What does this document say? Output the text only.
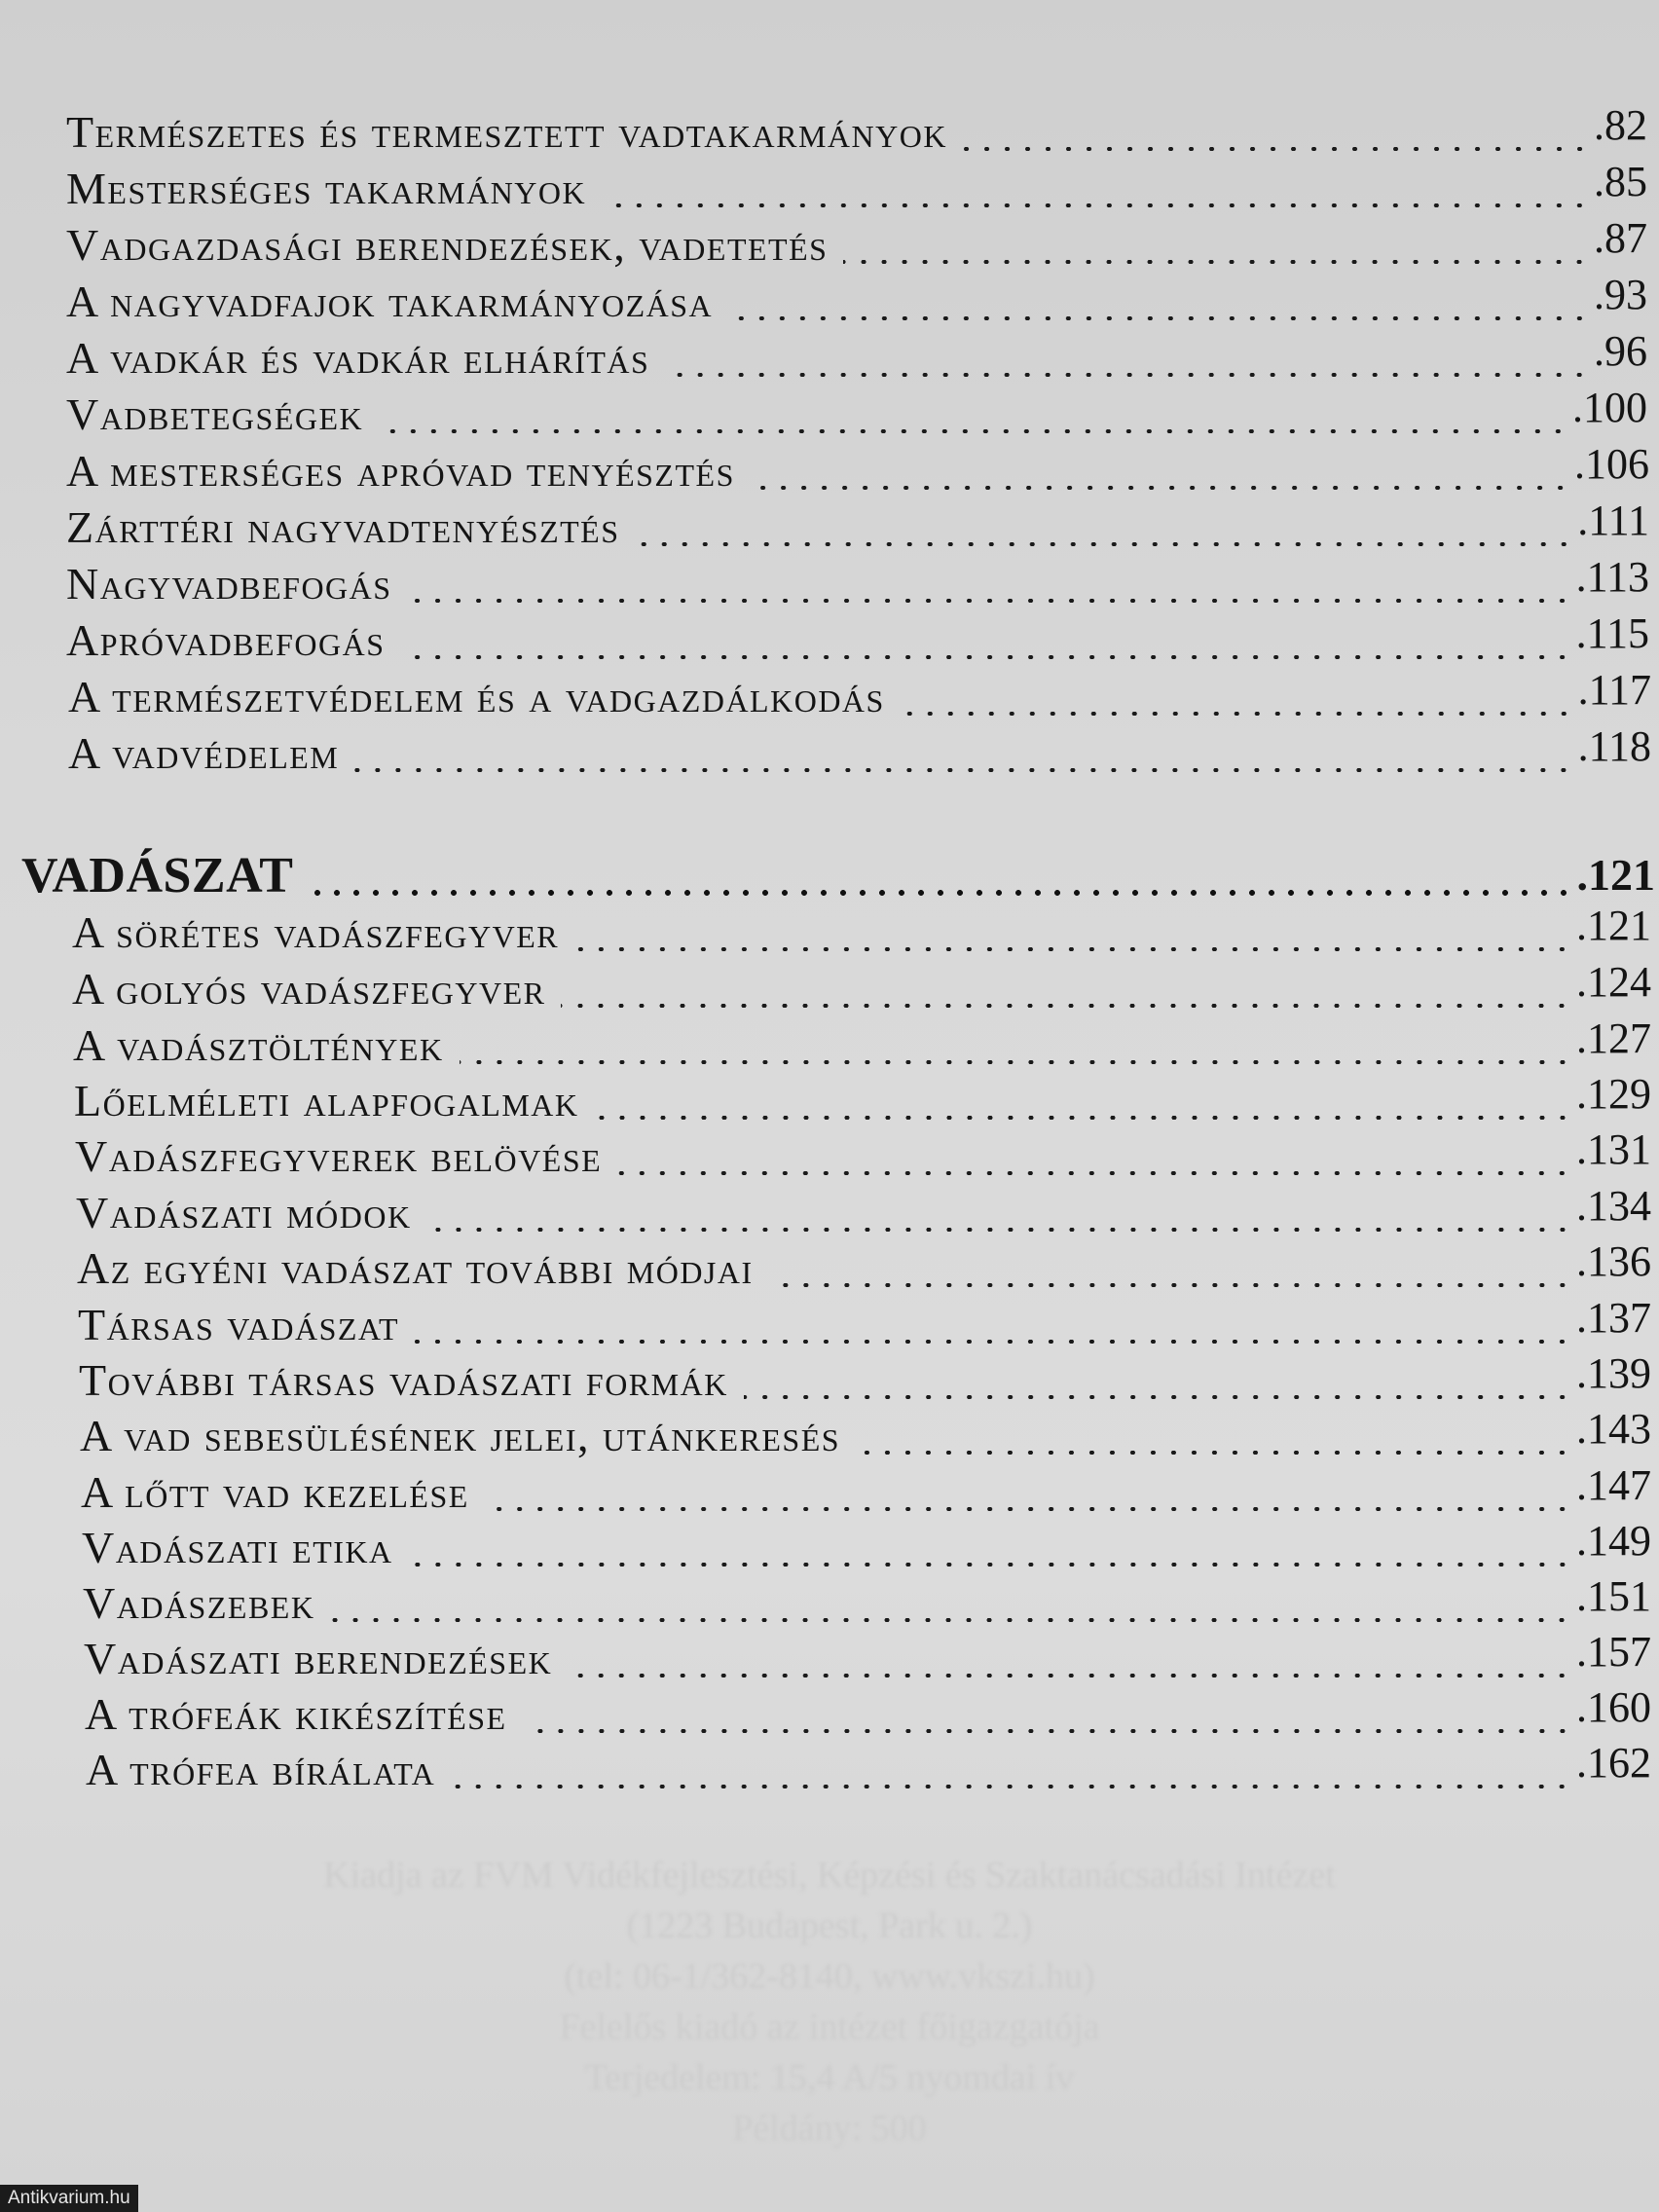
Természetes és termesztett vadtakarmányok	.82
Mesterséges takarmányok	.85
Vadgazdasági berendezések, vadetetés	.87
A nagyvadfajok takarmányozása	.93
A vadkár és vadkár elhárítás	.96
Vadbetegségek	.100
A mesterséges apróvad tenyésztés	.106
Zárttéri nagyvadtenyésztés	.111
Nagyvadbefogás	.113
Apróvadbefogás	.115
A természetvédelem és a vadgazdálkodás	.117
A vadvédelem	.118
VADÁSZAT	.121
A sörétes vadászfegyver	.121
A golyós vadászfegyver	.124
A vadásztöltények	.127
Lőelméleti alapfogalmak	.129
Vadászfegyverek belövése	.131
Vadászati módok	.134
Az egyéni vadászat további módjai	.136
Társas vadászat	.137
További társas vadászati formák	.139
A vad sebesülésének jelei, utánkeresés	.143
A lőtt vad kezelése	.147
Vadászati etika	.149
Vadászebek	.151
Vadászati berendezések	.157
A trófeák kikészítése	.160
A trófea bírálata	.162
Kiadja az FVM Vidékfejlesztési, Képzési és Szaktanácsadási Intézet
(1223 Budapest, Park u. 2.)
(tel: 06-1/362-8140, www.vkszi.hu)
Felelős kiadó az intézet főigazgatója
Terjedelem: 15,4 A/5 nyomdai ív
Példány: 500
Antikvarium.hu
